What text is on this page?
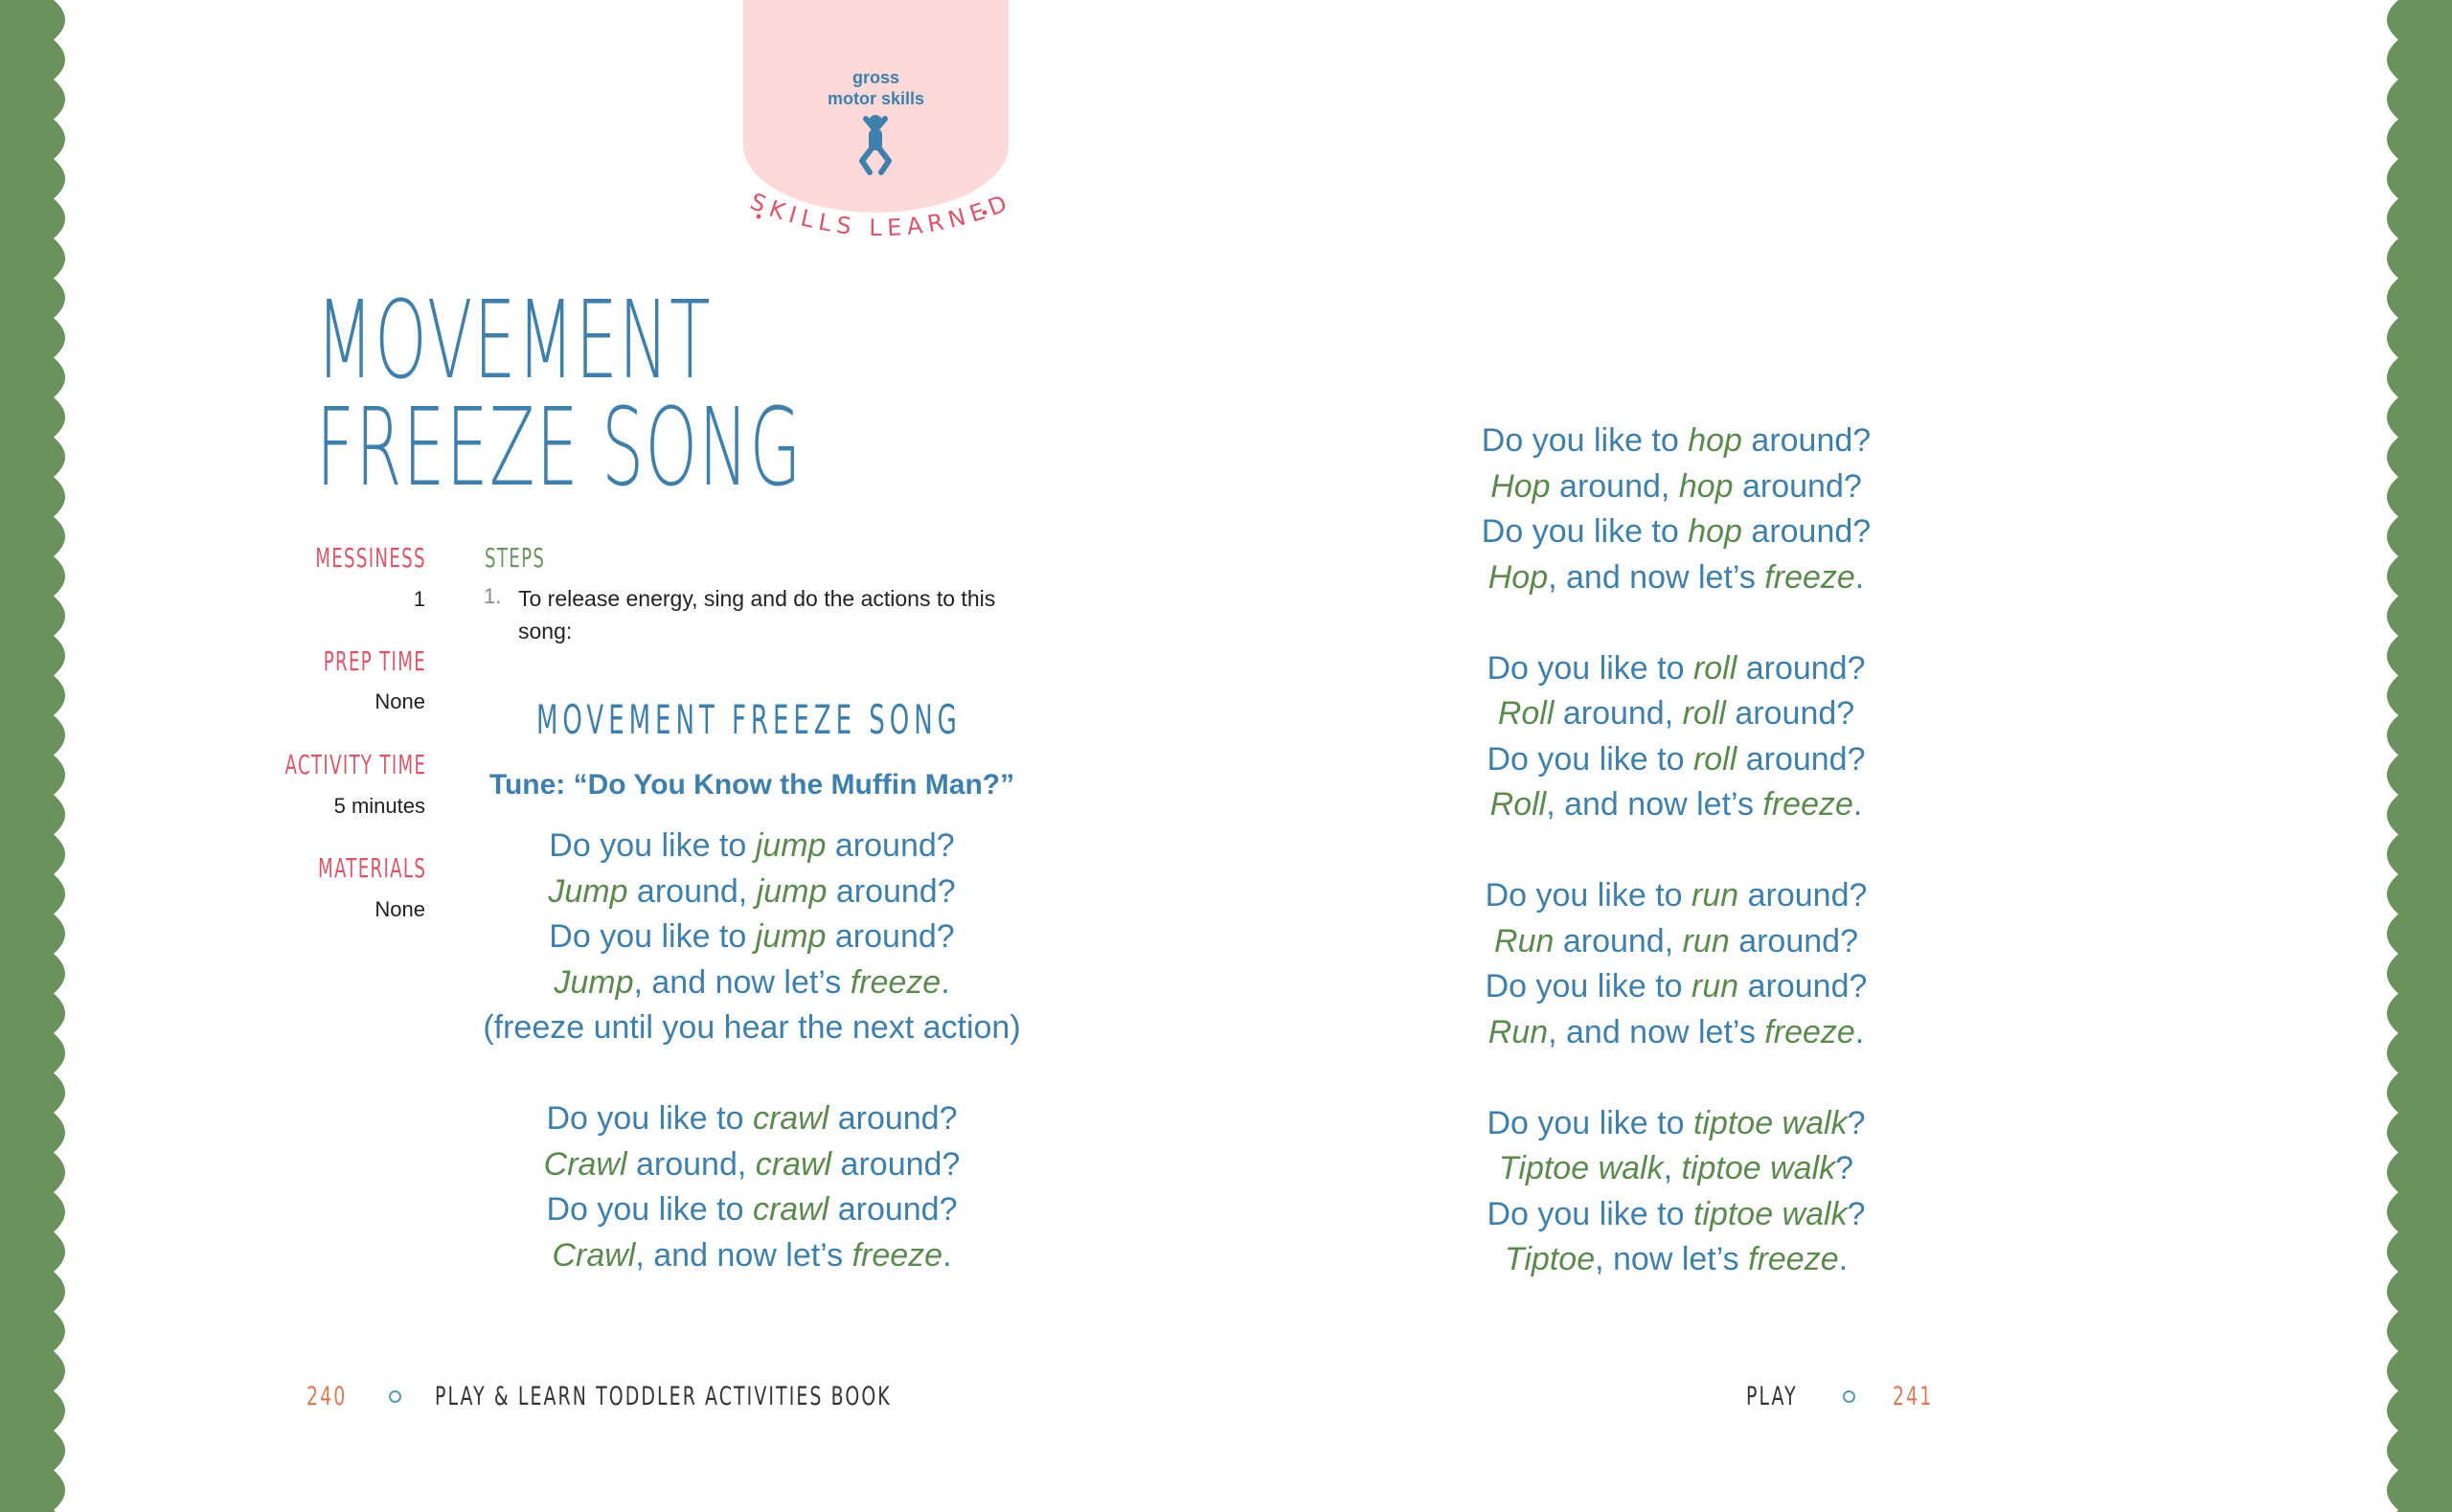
gross
motor skills
SKILLS LEARNED
MOVEMENT
FREEZE SONG
MESSINESS
1
PREP TIME
None
ACTIVITY TIME
5 minutes
MATERIALS
None
STEPS
1. To release energy, sing and do the actions to this song:
MOVEMENT FREEZE SONG
Tune: “Do You Know the Muffin Man?”
Do you like to jump around?
Jump around, jump around?
Do you like to jump around?
Jump, and now let’s freeze.
(freeze until you hear the next action)
Do you like to crawl around?
Crawl around, crawl around?
Do you like to crawl around?
Crawl, and now let’s freeze.
Do you like to hop around?
Hop around, hop around?
Do you like to hop around?
Hop, and now let’s freeze.
Do you like to roll around?
Roll around, roll around?
Do you like to roll around?
Roll, and now let’s freeze.
Do you like to run around?
Run around, run around?
Do you like to run around?
Run, and now let’s freeze.
Do you like to tiptoe walk?
Tiptoe walk, tiptoe walk?
Do you like to tiptoe walk?
Tiptoe, now let’s freeze.
240	PLAY & LEARN TODDLER ACTIVITIES BOOK	PLAY	241
